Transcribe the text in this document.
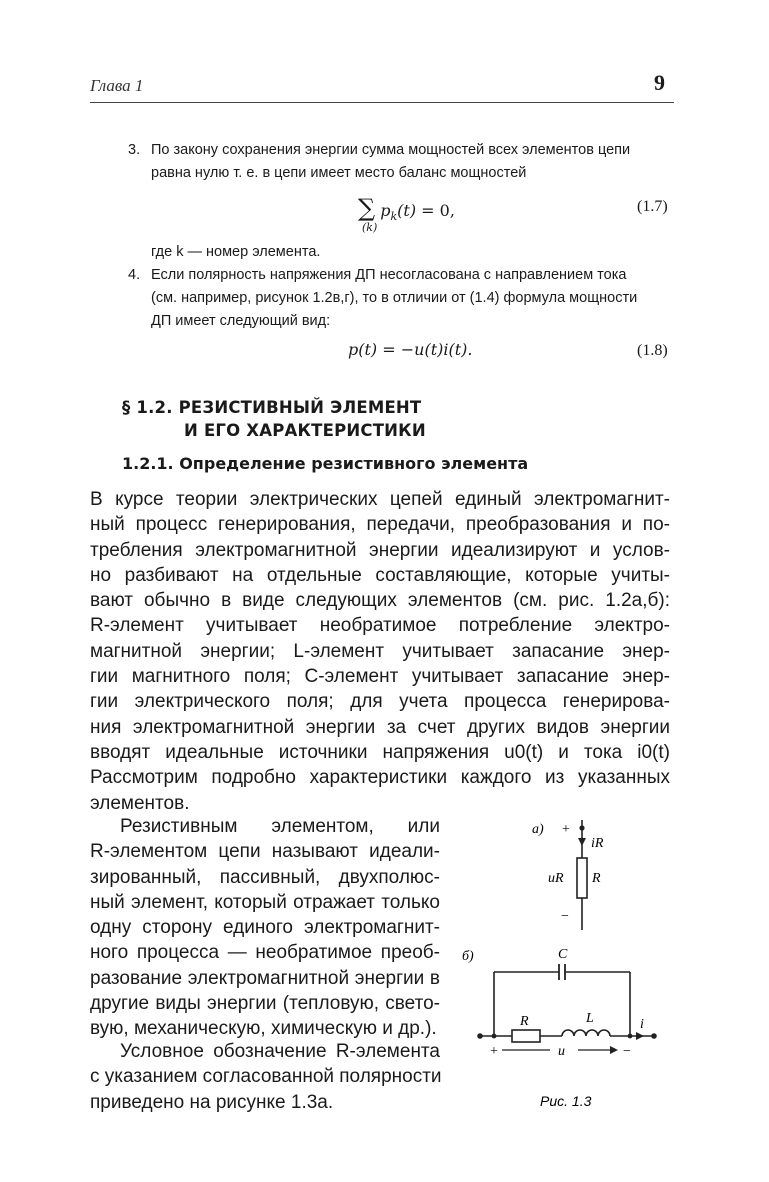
Глава 1	9
3. По закону сохранения энергии сумма мощностей всех элементов цепи
равна нулю т. е. в цепи имеет место баланс мощностей
∑ $p_k(t) = 0$,
(k)
(1.7)
где k — номер элемента.
4. Если полярность напряжения ДП несогласована с направлением тока
(см. например, рисунок 1.2в,г), то в отличии от (1.4) формула мощности
ДП имеет следующий вид:
p(t) = −u(t)i(t).	(1.8)
§ 1.2. РЕЗИСТИВНЫЙ ЭЛЕМЕНТ
И ЕГО ХАРАКТЕРИСТИКИ
1.2.1. Определение резистивного элемента
В курсе теории электрических цепей единый электромагнит-
ный процесс генерирования, передачи, преобразования и по-
требления электромагнитной энергии идеализируют и услов-
но разбивают на отдельные составляющие, которые учиты-
вают обычно в виде следующих элементов (см. рис. 1.2а,б):
R-элемент учитывает необратимое потребление электро-
магнитной энергии; L-элемент учитывает запасание энер-
гии магнитного поля; C-элемент учитывает запасание энер-
гии электрического поля; для учета процесса генерирова-
ния электромагнитной энергии за счет других видов энергии
вводят идеальные источники напряжения u0(t) и тока i0(t)
Рассмотрим подробно характеристики каждого из указанных
элементов.
Резистивным элементом, или
R-элементом цепи называют идеали-
зированный, пассивный, двухполюс-
ный элемент, который отражает только
одну сторону единого электромагнит-
ного процесса — необратимое преоб-
разование электромагнитной энергии в
другие виды энергии (тепловую, свето-
вую, механическую, химическую и др.).
Условное обозначение R-элемента
с указанием согласованной полярности
приведено на рисунке 1.3а.
а) +
iR
uR R
−
б)	C
R	L	i
+	u	−
Рис. 1.3
